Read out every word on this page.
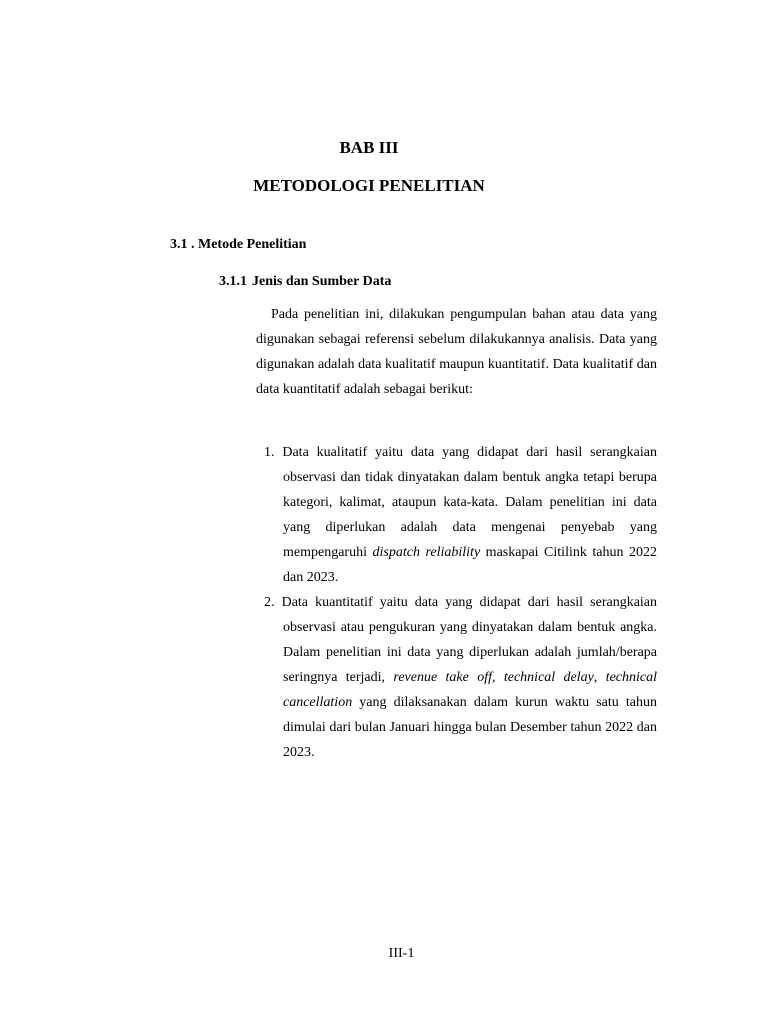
BAB III
METODOLOGI PENELITIAN
3.1 . Metode Penelitian
3.1.1 Jenis dan Sumber Data

Pada penelitian ini, dilakukan pengumpulan bahan atau data yang digunakan sebagai referensi sebelum dilakukannya analisis. Data yang digunakan adalah data kualitatif maupun kuantitatif. Data kualitatif dan data kuantitatif adalah sebagai berikut:

1. Data kualitatif yaitu data yang didapat dari hasil serangkaian observasi dan tidak dinyatakan dalam bentuk angka tetapi berupa kategori, kalimat, ataupun kata-kata. Dalam penelitian ini data yang diperlukan adalah data mengenai penyebab yang mempengaruhi dispatch reliability maskapai Citilink tahun 2022 dan 2023.
2. Data kuantitatif yaitu data yang didapat dari hasil serangkaian observasi atau pengukuran yang dinyatakan dalam bentuk angka. Dalam penelitian ini data yang diperlukan adalah jumlah/berapa seringnya terjadi, revenue take off, technical delay, technical cancellation yang dilaksanakan dalam kurun waktu satu tahun dimulai dari bulan Januari hingga bulan Desember tahun 2022 dan 2023.
III-1
